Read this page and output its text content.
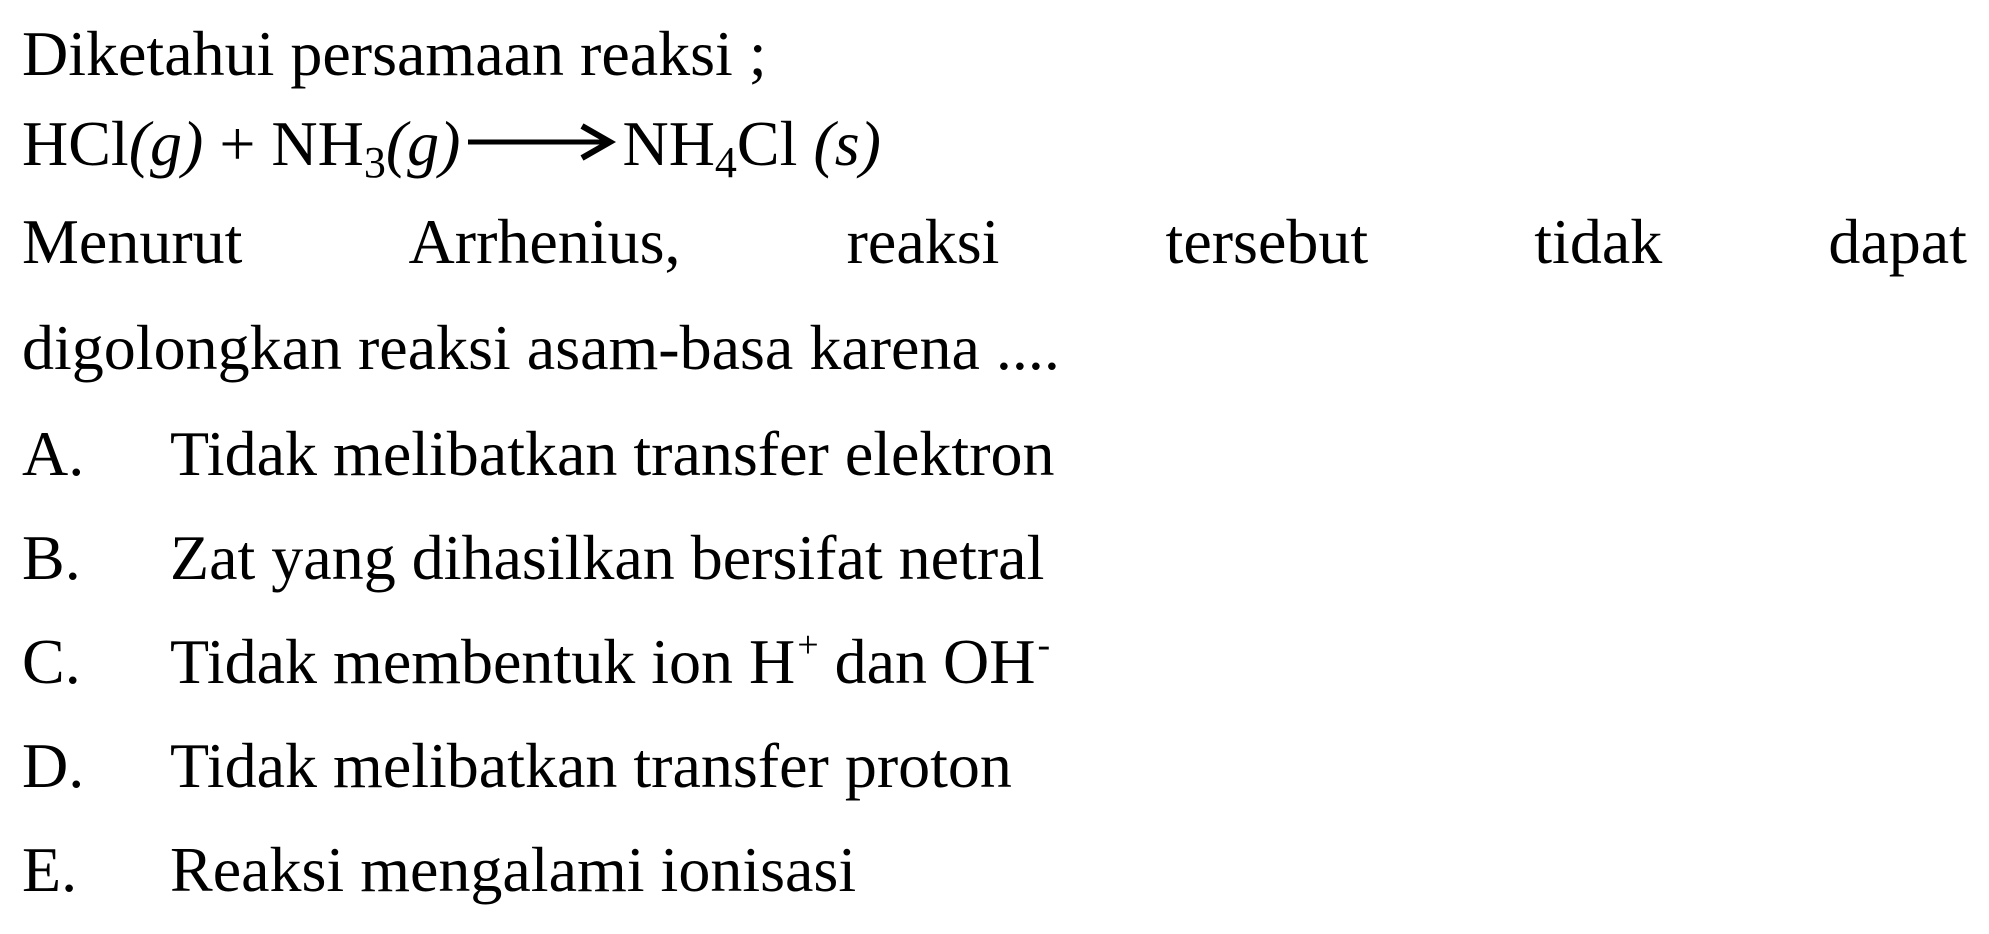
Diketahui persamaan reaksi ;
HCl(g) + NH3(g)	NH4Cl (s)
Menurut	Arrhenius,	reaksi	tersebut	tidak	dapat
digolongkan reaksi asam-basa karena ....
A. Tidak melibatkan transfer elektron
B. Zat yang dihasilkan bersifat netral
C. Tidak membentuk ion H+ dan OH-
D. Tidak melibatkan transfer proton
E. Reaksi mengalami ionisasi
